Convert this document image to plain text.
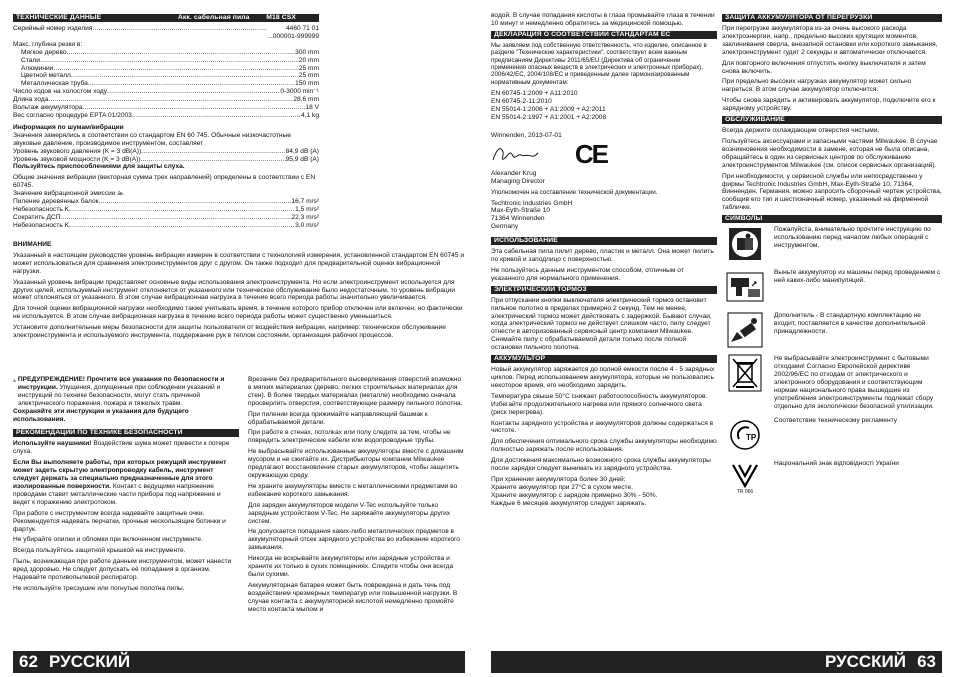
ТЕХНИЧЕСКИЕ ДАННЫЕ	Акк. сабельная пила M18 CSX
Серийный номер изделия .....	4460 71 01
...000001-999999
Макс. глубина резки в:
Мягкое дерево .....	300 mm
Стали .....	20 mm
Алюминии .....	25 mm
Цветной металл .....	25 mm
Металлическая труба .....	150 mm
Число ходов на холостом ходу .....	0-3000 min⁻¹
Длина хода .....	28,6 mm
Вольтаж аккумулятора .....	18 V
Вес согласно процедуре EPTA 01/2003 .....	4,1 kg

Информация по шумам/вибрации

Значения замерялись в соответствии со стандартом EN 60 745. Обычные низкочастотные звуковые давление, производимое инструментом, составляет

Уровень звукового давления (K = 3 dB(A)) .....	84,9 dB (A)
Уровень звуковой мощности (K = 3 dB(A)) .....	95,9 dB (A)

Пользуйтесь приспособлениями для защиты слуха.

Общие значения вибрации (векторная сумма трех направлений) определены в соответствии с EN 60745.
Значение вибрационной эмиссии aₕ

Пиление деревянных балок .....	16,7 m/s²
Небезопасность K .....	1,5 m/s²
Сократить ДСП .....	22,3 m/s²
Небезопасность K .....	3,0 m/s²

ВНИМАНИЕ

Указанный в настоящем руководстве уровень вибрации измерен в соответствии с технологией измерения, установленной стандартом EN 60745 и может использоваться для сравнения электроинструментов друг с другом. Он также подходит для предварительной оценки вибрационной нагрузки.

Указанный уровень вибрации представляет основные виды использования электроинструмента. Но если электроинструмент используется для других целей, используемый инструмент отклоняется от указанного или техническое обслуживание было недостаточным, то уровень вибрации может отклоняться от указанного. В этом случае вибрационная нагрузка в течение всего периода работы значительно увеличивается.

Для точной оценки вибрационной нагрузки необходимо также учитывать время, в течение которого прибор отключен или включен, но фактически не используется. В этом случае вибрационная нагрузка в течение всего периода работы может существенно уменьшиться.

Установите дополнительные меры безопасности для защиты пользователя от воздействия вибрации, например: техническое обслуживание электроинструмента и используемого инструмента, поддержание рук в теплом состоянии, организация рабочих процессов.

ПРЕДУПРЕЖДЕНИЕ! Прочтите все указания по безопасности и инструкции. Упущения, допущенные при соблюдении указаний и инструкций по технике безопасности, могут стать причиной электрического поражения, пожара и тяжелых травм.

Сохраняйте эти инструкции и указания для будущего использования.

РЕКОМЕНДАЦИИ ПО ТЕХНИКЕ БЕЗОПАСНОСТИ

Используйте наушники! Воздействие шума может привести к потере слуха.

Если Вы выполняете работы, при которых режущий инструмент может задеть скрытую электропроводку кабель, инструмент следует держать за специально предназначенные для этого изолированные поверхности. Контакт с ведущими напряжение проводами ставит металлические части прибора под напряжение и ведет к поражению электротоком.

При работе с инструментом всегда надевайте защитные очки. Рекомендуется надевать перчатки, прочные нескользящие ботинки и фартук.

Не убирайте опилки и обломки при включенном инструменте.

Всегда пользуйтесь защитной крышкой на инструменте.

Пыль, возникающая при работе данным инструментом, может нанести вред здоровью. Не следует допускать её попадания в организм. Надевайте противопылевой респиратор.

Не используйте тресзушие или погнутые полотна пилы.

Врезание без предварительного высверливания отверстий возможно в мягких материалах (дерево, легких строительных материалах для стен). В более твердых материалах (металле) необходимо сначала просверлить отверстия, соответствующие размеру пильного полотна.

При пилении всегда прижимайте направляющий башмак к обрабатываемой детали.

При работе в стенах, потолках или полу следите за тем, чтобы не повредить электрические кабели или водопроводные трубы.

Не выбрасывайте использованные аккумуляторы вместе с домашним мусором и не сжигайте их. Дистрибьюторы компании Milwaukee предлагают восстановление старых аккумуляторов, чтобы защитить окружающую среду.

Не храните аккумуляторы вместе с металлическими предметами во избежание короткого замыкания.

Для зарядки аккумуляторов модели V-Tec используйте только зарядным устройством V-Tec. Не заряжайте аккумуляторы других систем.

Не допускается попадания каких-либо металлических предметов в аккумуляторный отсек зарядного устройства во избежание короткого замыкания.

Никогда не вскрывайте аккумуляторы или зарядные устройства и храните их только в сухих помещениях. Следите чтобы они всегда были сухими.

Аккумуляторная батарея может быть повреждена и дать течь под воздействием чрезмерных температур или повышенной нагрузки. В случае контакта с аккумуляторной кислотой немедленно промойте место контакта мылом и

62 РУССКИЙ

водой. В случае попадания кислоты в глаза промывайте глаза в течении 10 минут и немедленно обратитесь за медицинской помощью.

ДЕКЛАРАЦИЯ О СООТВЕТСТВИИ СТАНДАРТАМ ЕС

Мы заявляем под собственную ответственность, что изделие, описанное в разделе "Технические характеристики", соответствует всем важным предписаниям Директивы 2011/65/EU (Директива об ограничении применения опасных веществ в электрических и электронных приборах), 2006/42/EC, 2004/108/EC и приведенным далее гармонизированным нормативным документам:

EN 60745-1:2009 + A11:2010
EN 60745-2-11:2010
EN 55014-1:2006 + A1:2009 + A2:2011
EN 55014-2:1997 + A1:2001 + A2:2008

Winnenden, 2013-07-01

CE

Alexander Krug

Managing Director

Уполномочен на составление технической документации.

Techtronic Industries GmbH
Max-Eyth-Straße 10
71364 Winnenden
Germany
ИСПОЛЬЗОВАНИЕ

Эта сабельная пила пилит дерево, пластик и металл. Она может пилить по кривой и заподлицо с поверхностью.

Не пользуйтесь данным инструментом способом, отличным от указанного для нормального применения.

ЭЛЕКТРИЧЕСКИЙ ТОРМОЗ

При отпускании кнопки выключателя электрический тормоз остановит пильное полотно в пределах примерно 2 секунд. Тем не менее, электрический тормоз может действовать с задержкой. Бывают случаи, когда электрический тормоз не действует слишком часто, пилу следует отнести в авторизованный сервисный центр компании Milwaukee.
Снимайте пилу с обрабатываемой детали только после полной остановки пильного полотна.

АККУМУЛЬТОР

Новый аккумулятор заряжается до полной емкости после 4 - 5 зарядных циклов. Перед использованием аккумулятора, которые не пользовались некоторое время, его необходимо зарядить.

Температура свыше 50°C снижает работоспособность аккумуляторов. Избегайте продолжительного нагрева или прямого солнечного света (риск перегрева).

Контакты зарядного устройства и аккумуляторов должны содержаться в чистоте.

Для обеспечения оптимального срока службы аккумуляторы необходимо полностью заряжать после использования.

Для достижения максимально возможного срока службы аккумуляторы после зарядки следует вынимать из зарядного устройства.

При хранении аккумулятора более 30 дней:
Храните аккумулятор при 27°C в сухом месте.
Храните аккумулятор с зарядом примерно 30% - 50%.
Каждые 6 месяцев аккумулятор следует заряжать.

ЗАЩИТА АККУМУЛЯТОРА ОТ ПЕРЕГРУЗКИ

При перегрузке аккумулятора из-за очень высокого расхода электроэнергии, напр., предельно высоких крутящих моментов, заклинивания сверла, внезапной остановки или короткого замыкания, электроинструмент гудит 2 секунды и автоматически отключается.

Для повторного включения отпустить кнопку выключателя и затем снова включить.

При предельно высоких нагрузках аккумулятор может сильно нагреться. В этом случае аккумулятор отключится.

Чтобы снова зарядить и активировать аккумулятор, подключите его к зарядному устройству.

ОБСЛУЖИВАНИЕ

Всегда держите охлаждающие отверстия чистыми.

Пользуйтесь аксессуарами и запасными частями Milwaukee. В случае возникновения необходимости в замене, которая не была описана, обращайтесь в один из сервисных центров по обслуживанию электроинструментов Milwaukee (см. список сервисных организаций).

При необходимости, у сервисной службы или непосредственно у фирмы Techtronic Industries GmbH, Max-Eyth-Straße 10, 71364, Винненден, Германия, можно запросить сборочный чертеж устройства, сообщив его тип и шестизначный номер, указанный на фирменной табличке.

СИМВОЛЫ
Пожалуйста, внимательно прочтите инструкцию по использованию перед началом любых операций с инструментом.
Выньте аккумулятор из машины перед проведением с ней каких-либо манипуляций.
Дополнитель - В стандартную комплектацию не входит, поставляется в качестве дополнительной принадлежности.
Не выбрасывайте электроинструмент с бытовыми отходами! Согласно Европейской директиве 2002/96/EC по отходам от электрического и электронного оборудования и соответствующим нормам национального права вышедшие из употребления электроинструменты подлежат сбору отдельно для экологически безопасной утилизации.
TP
Соответствие техническому регламенту
TR 066
Національний знак відповідності України
РУССКИЙ 63
